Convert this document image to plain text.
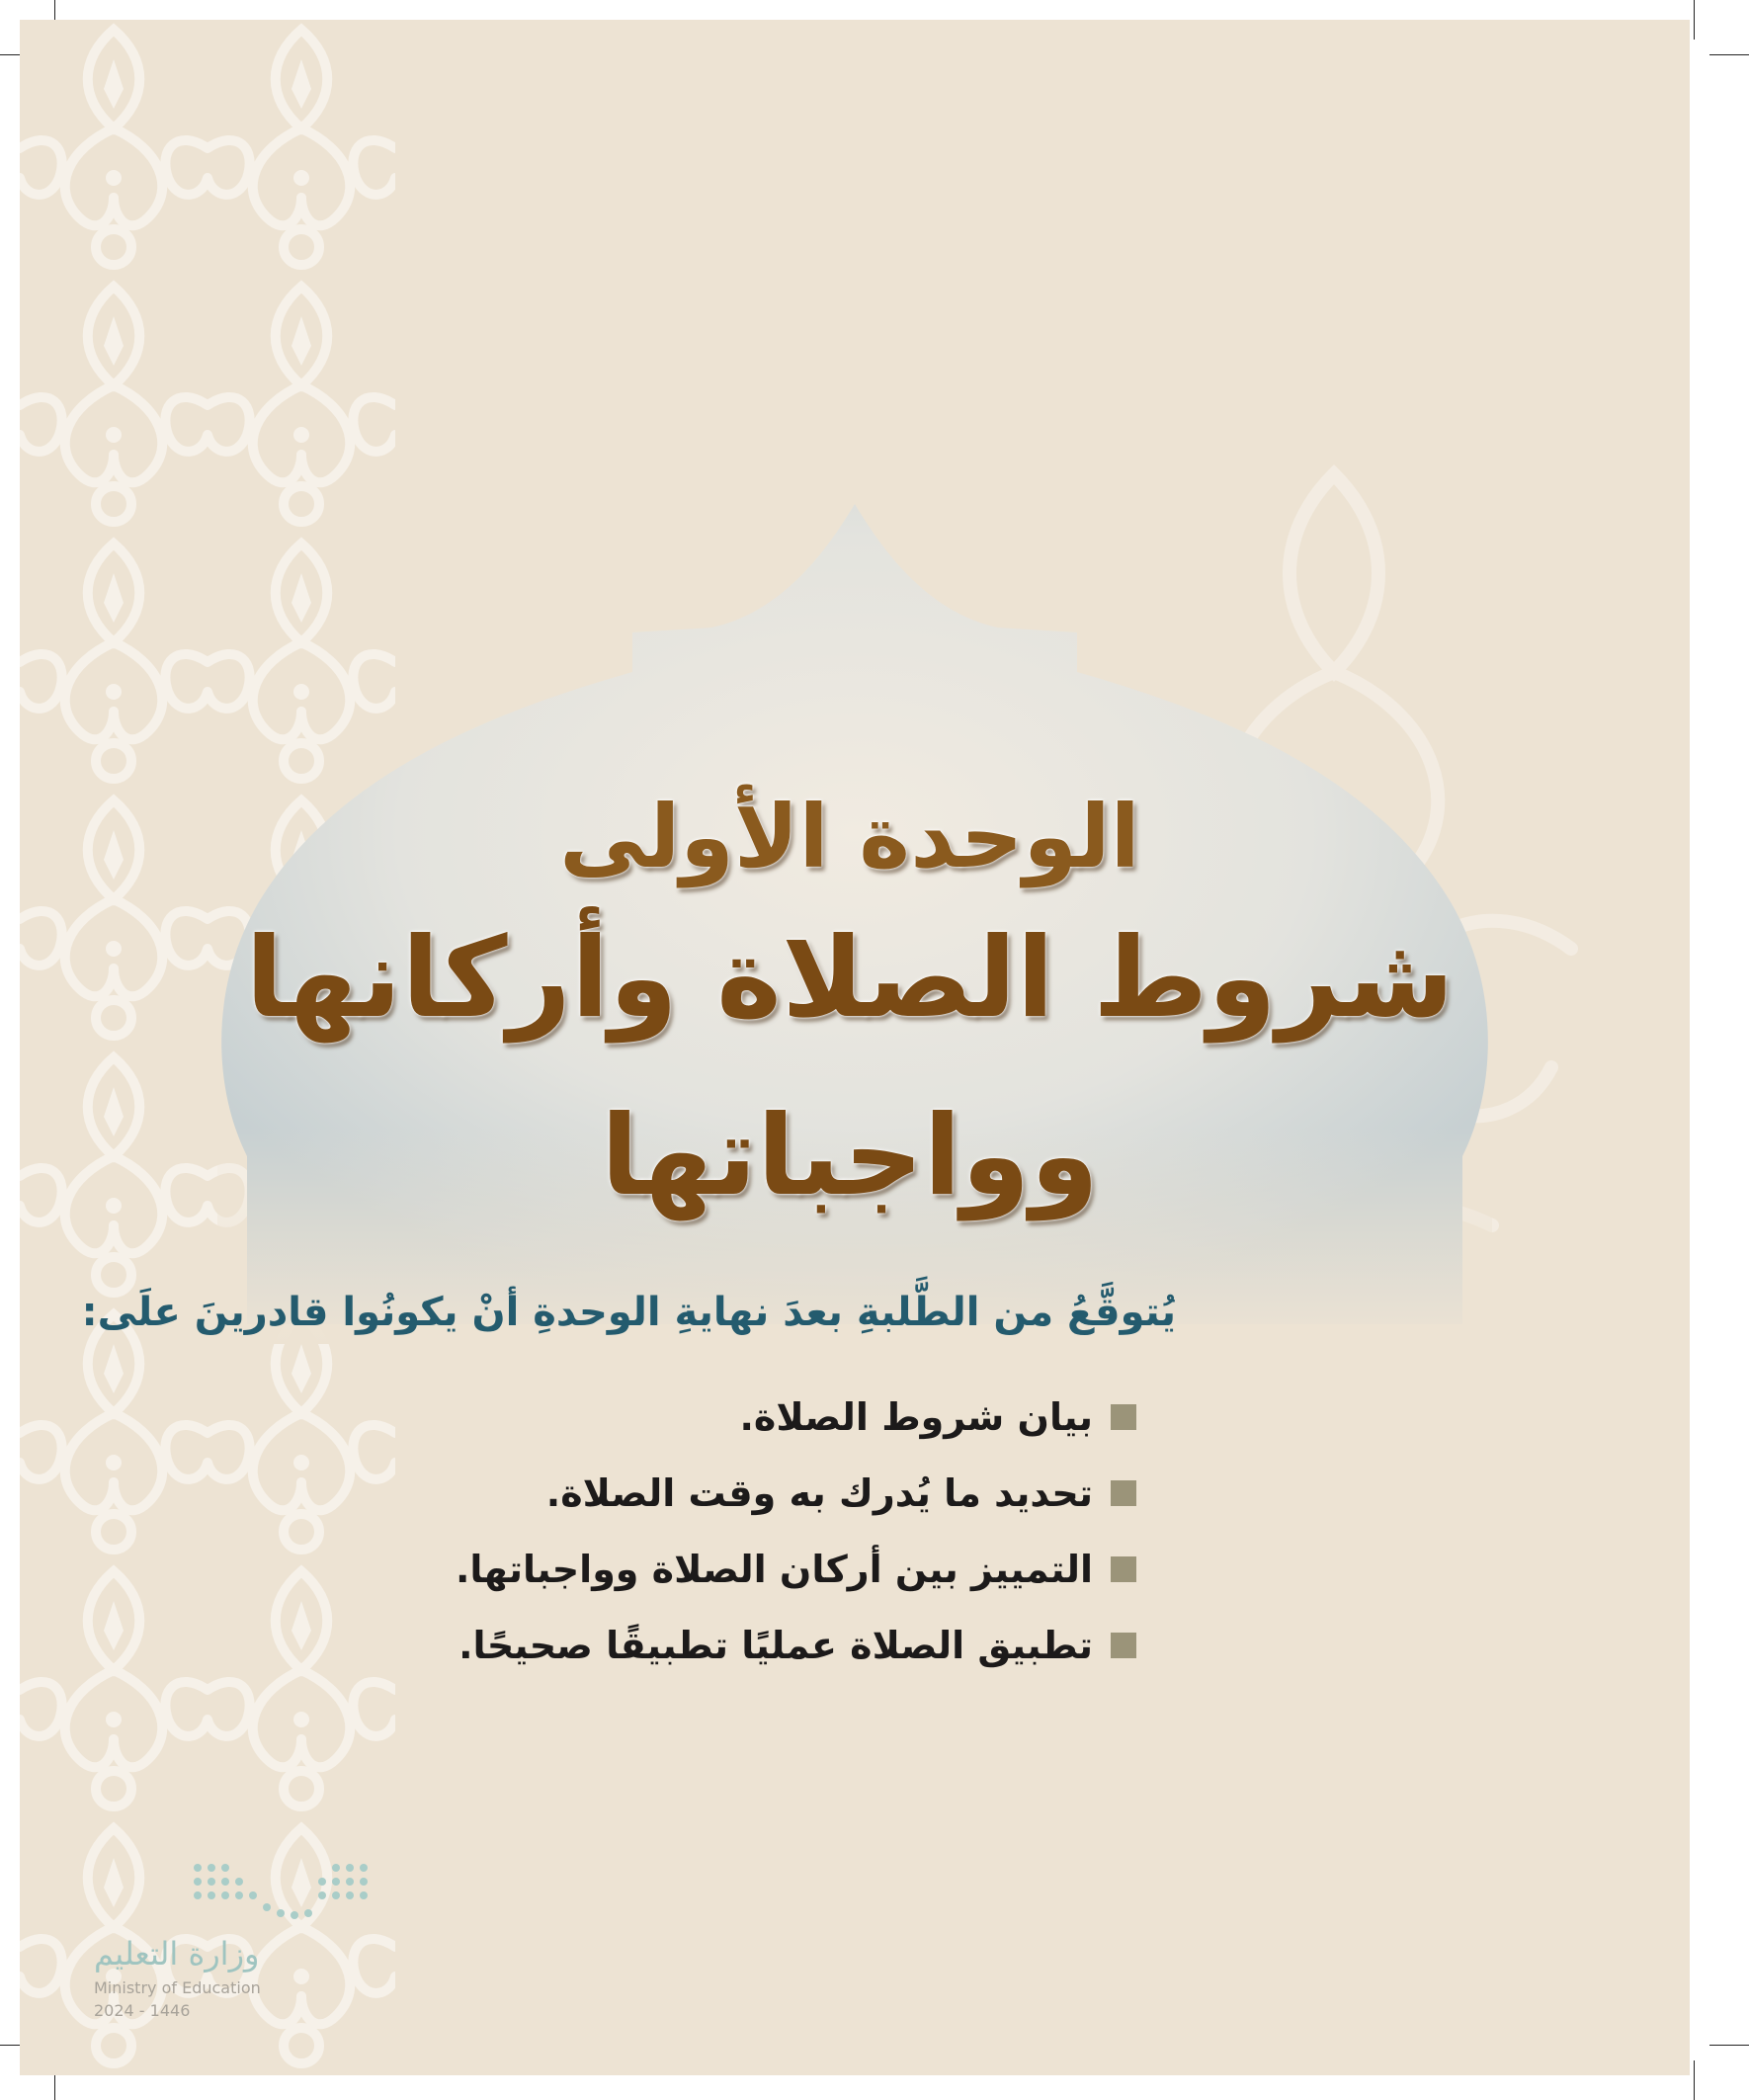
الوحدة الأولى
شروط الصلاة وأركانها
وواجباتها
يُتوقَّعُ من الطَّلبةِ بعدَ نهايةِ الوحدةِ أنْ يكونُوا قادرينَ علَى:
بيان شروط الصلاة.
تحديد ما يُدرك به وقت الصلاة.
التمييز بين أركان الصلاة وواجباتها.
تطبيق الصلاة عمليًا تطبيقًا صحيحًا.
وزارة التعليم
Ministry of Education
2024 - 1446
